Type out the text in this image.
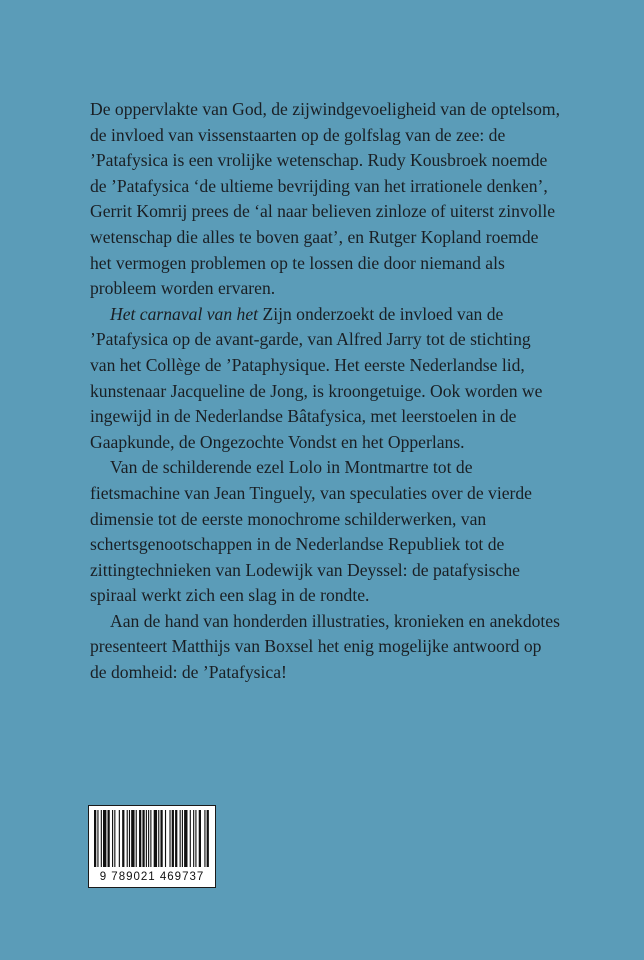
De oppervlakte van God, de zijwindgevoeligheid van de optelsom, de invloed van vissenstaarten op de golfslag van de zee: de ’Patafysica is een vrolijke wetenschap. Rudy Kousbroek noemde de ’Patafysica ‘de ultieme bevrijding van het irrationele denken’, Gerrit Komrij prees de ‘al naar believen zinloze of uiterst zinvolle wetenschap die alles te boven gaat’, en Rutger Kopland roemde het vermogen problemen op te lossen die door niemand als probleem worden ervaren.

Het carnaval van het Zijn onderzoekt de invloed van de ’Patafysica op de avant-garde, van Alfred Jarry tot de stichting van het Collège de ’Pataphysique. Het eerste Nederlandse lid, kunstenaar Jacqueline de Jong, is kroongetuige. Ook worden we ingewijd in de Nederlandse Bâtafysica, met leerstoelen in de Gaapkunde, de Ongezochte Vondst en het Opperlans.

Van de schilderende ezel Lolo in Montmartre tot de fietsmachine van Jean Tinguely, van speculaties over de vierde dimensie tot de eerste monochrome schilderwerken, van schertsgenootschappen in de Nederlandse Republiek tot de zittingtechnieken van Lodewijk van Deyssel: de patafysische spiraal werkt zich een slag in de rondte.

Aan de hand van honderden illustraties, kronieken en anekdotes presenteert Matthijs van Boxsel het enig mogelijke antwoord op de domheid: de ’Patafysica!

9 789021 469737
